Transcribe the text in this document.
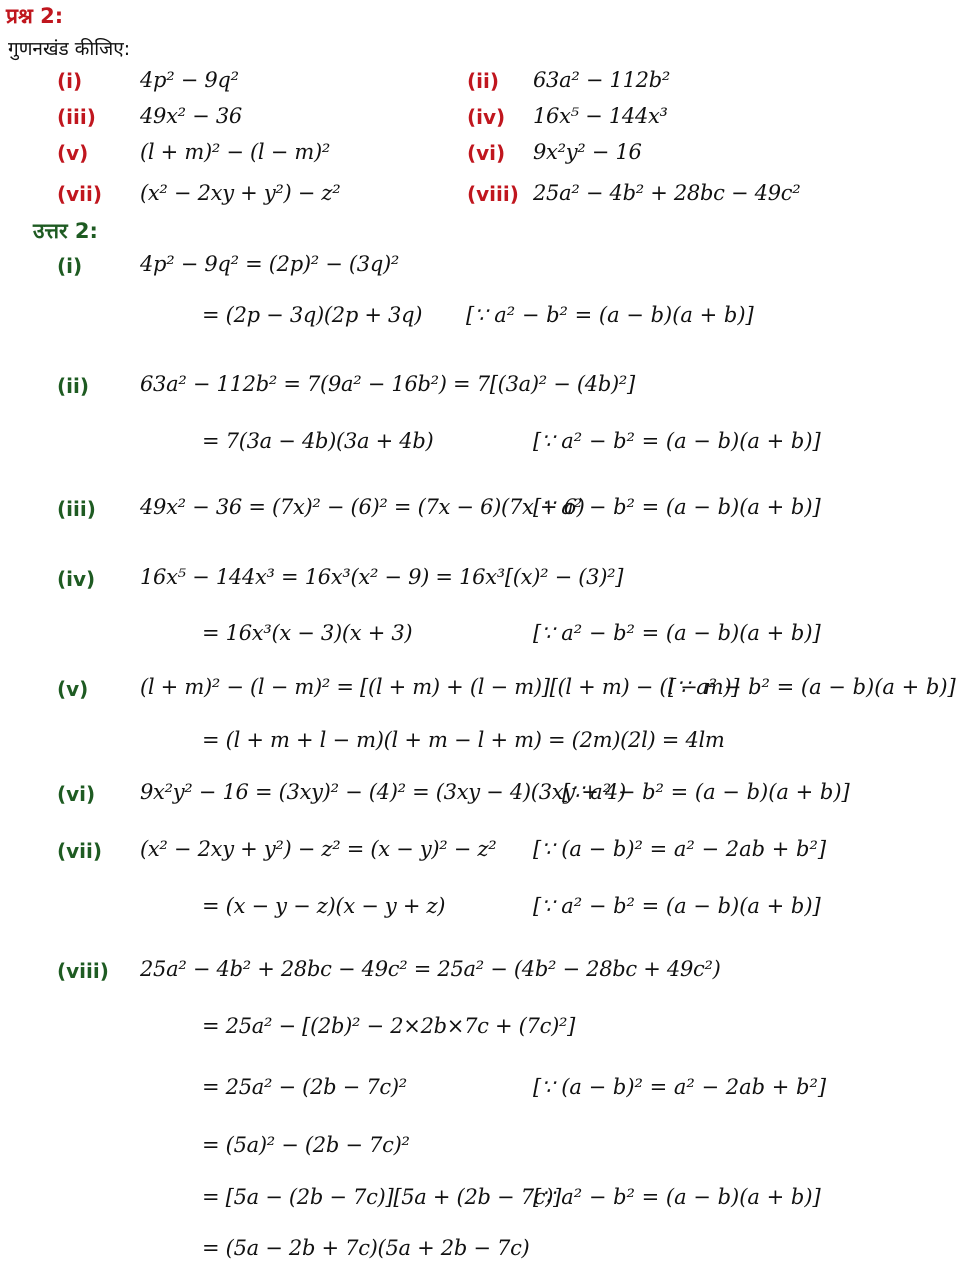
प्रश्न 2:
गुणनखंड कीजिए:
(i)	4p² − 9q²	(ii) 63a² − 112b²
(iii) 49x² − 36	(iv) 16x⁵ − 144x³
(v) (l + m)² − (l − m)²	(vi) 9x²y² − 16
(vii) (x² − 2xy + y²) − z²	(viii) 25a² − 4b² + 28bc − 49c²
उत्तर 2:
(i)	4p² − 9q² = (2p)² − (3q)²
= (2p − 3q)(2p + 3q) [∵ a² − b² = (a − b)(a + b)]
(ii) 63a² − 112b² = 7(9a² − 16b²) = 7[(3a)² − (4b)²]
= 7(3a − 4b)(3a + 4b)	[∵ a² − b² = (a − b)(a + b)]
(iii) 49x² − 36 = (7x)² − (6)² = (7x − 6)(7x + 6)
[∵ a² − b² = (a − b)(a + b)]
(iv) 16x⁵ − 144x³ = 16x³(x² − 9) = 16x³[(x)² − (3)²]
= 16x³(x − 3)(x + 3)	[∵ a² − b² = (a − b)(a + b)]
(v) (l + m)² − (l − m)² = [(l + m) + (l − m)][(l + m) − (l − m)]
[∵ a² − b² = (a − b)(a + b)]
= (l + m + l − m)(l + m − l + m) = (2m)(2l) = 4lm
(vi) 9x²y² − 16 = (3xy)² − (4)² = (3xy − 4)(3xy + 4)
[∵ a² − b² = (a − b)(a + b)]
(vii) (x² − 2xy + y²) − z² = (x − y)² − z² [∵ (a − b)² = a² − 2ab + b²]
= (x − y − z)(x − y + z)	[∵ a² − b² = (a − b)(a + b)]
(viii) 25a² − 4b² + 28bc − 49c² = 25a² − (4b² − 28bc + 49c²)
= 25a² − [(2b)² − 2×2b×7c + (7c)²]
= 25a² − (2b − 7c)²	[∵ (a − b)² = a² − 2ab + b²]
= (5a)² − (2b − 7c)²
= [5a − (2b − 7c)][5a + (2b − 7c)]
[∵ a² − b² = (a − b)(a + b)]
= (5a − 2b + 7c)(5a + 2b − 7c)
